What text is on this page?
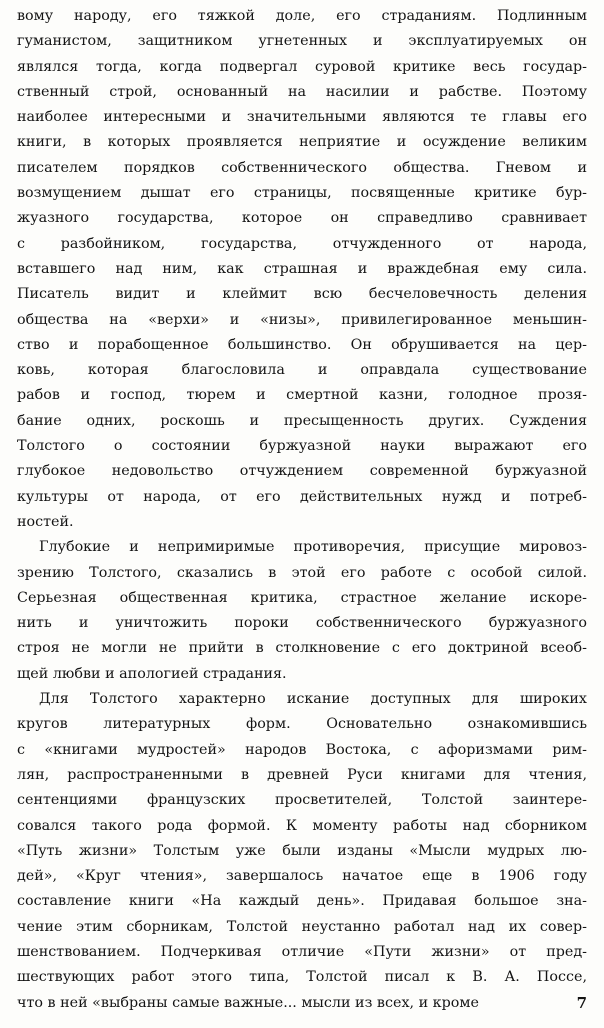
вому народу, его тяжкой доле, его страданиям. Подлинным
гуманистом, защитником угнетенных и эксплуатируемых он
являлся тогда, когда подвергал суровой критике весь государ-
ственный строй, основанный на насилии и рабстве. Поэтому
наиболее интересными и значительными являются те главы его
книги, в которых проявляется неприятие и осуждение великим
писателем порядков собственнического общества. Гневом и
возмущением дышат его страницы, посвященные критике бур-
жуазного государства, которое он справедливо сравнивает
с разбойником, государства, отчужденного от народа,
вставшего над ним, как страшная и враждебная ему сила.
Писатель видит и клеймит всю бесчеловечность деления
общества на «верхи» и «низы», привилегированное меньшин-
ство и порабощенное большинство. Он обрушивается на цер-
ковь, которая благословила и оправдала существование
рабов и господ, тюрем и смертной казни, голодное прозя-
бание одних, роскошь и пресыщенность других. Суждения
Толстого о состоянии буржуазной науки выражают его
глубокое недовольство отчуждением современной буржуазной
культуры от народа, от его действительных нужд и потреб-
ностей.
Глубокие и непримиримые противоречия, присущие мировоз-
зрению Толстого, сказались в этой его работе с особой силой.
Серьезная общественная критика, страстное желание искоре-
нить и уничтожить пороки собственнического буржуазного
строя не могли не прийти в столкновение с его доктриной всеоб-
щей любви и апологией страдания.
Для Толстого характерно искание доступных для широких
кругов литературных форм. Основательно ознакомившись
с «книгами мудростей» народов Востока, с афоризмами рим-
лян, распространенными в древней Руси книгами для чтения,
сентенциями французских просветителей, Толстой заинтере-
совался такого рода формой. К моменту работы над сборником
«Путь жизни» Толстым уже были изданы «Мысли мудрых лю-
дей», «Круг чтения», завершалось начатое еще в 1906 году
составление книги «На каждый день». Придавая большое зна-
чение этим сборникам, Толстой неустанно работал над их совер-
шенствованием. Подчеркивая отличие «Пути жизни» от пред-
шествующих работ этого типа, Толстой писал к В. А. Поссе,
что в ней «выбраны самые важные... мысли из всех, и кроме	7
